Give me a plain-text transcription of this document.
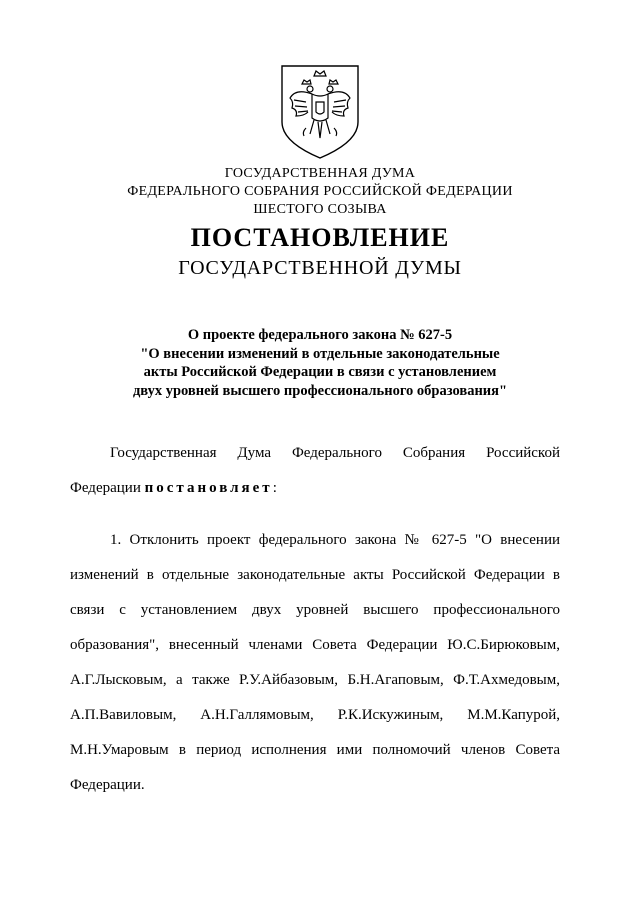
ГОСУДАРСТВЕННАЯ ДУМА
ФЕДЕРАЛЬНОГО СОБРАНИЯ РОССИЙСКОЙ ФЕДЕРАЦИИ
ШЕСТОГО СОЗЫВА
ПОСТАНОВЛЕНИЕ
ГОСУДАРСТВЕННОЙ ДУМЫ
О проекте федерального закона № 627-5
"О внесении изменений в отдельные законодательные
акты Российской Федерации в связи с установлением
двух уровней высшего профессионального образования"
Государственная Дума Федерального Собрания Российской
Федерации постановляет:
1. Отклонить проект федерального закона № 627-5 "О внесении
изменений в отдельные законодательные акты Российской Федерации в
связи с установлением двух уровней высшего профессионального
образования", внесенный членами Совета Федерации Ю.С.Бирюковым,
А.Г.Лысковым, а также Р.У.Айбазовым, Б.Н.Агаповым, Ф.Т.Ахмедовым,
А.П.Вавиловым, А.Н.Галлямовым, Р.К.Искужиным, М.М.Капурой,
М.Н.Умаровым в период исполнения ими полномочий членов Совета
Федерации.
